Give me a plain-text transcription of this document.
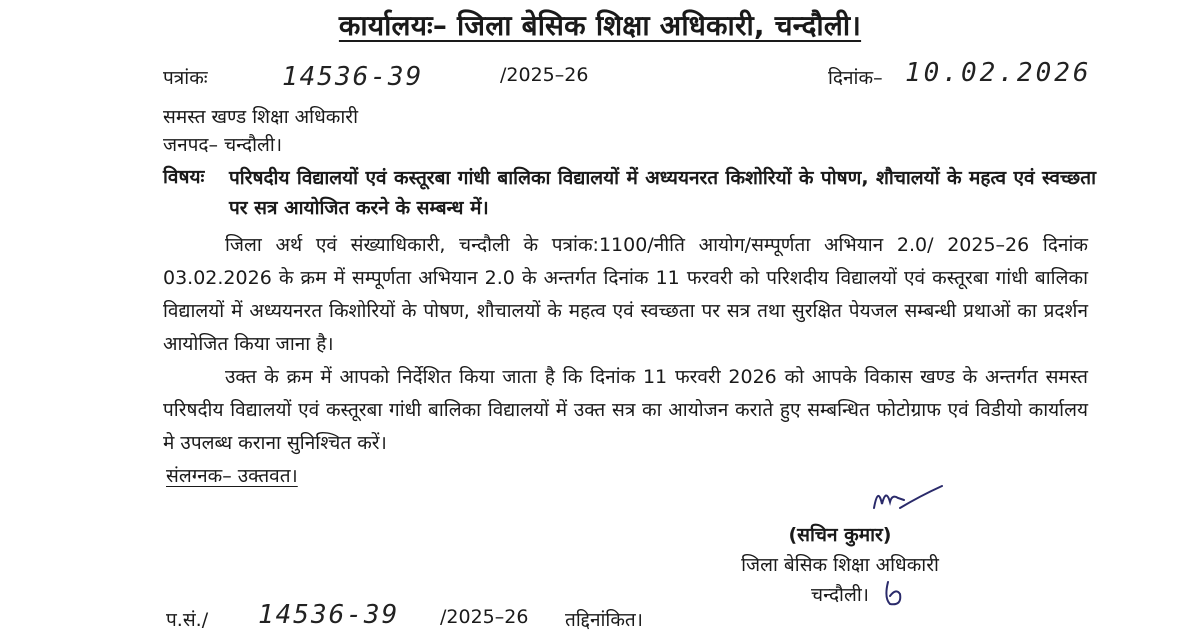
कार्यालयः– जिला बेसिक शिक्षा अधिकारी, चन्दौली।
पत्रांकः	14536-39	/2025–26	दिनांक– 10.02.2026
समस्त खण्ड शिक्षा अधिकारी
जनपद– चन्दौली।
विषयः परिषदीय विद्यालयों एवं कस्तूरबा गांधी बालिका विद्यालयों में अध्ययनरत किशोरियों के पोषण, शौचालयों के महत्व एवं स्वच्छता पर सत्र आयोजित करने के सम्बन्ध में।
जिला अर्थ एवं संख्याधिकारी, चन्दौली के पत्रांक:1100/नीति आयोग/सम्पूर्णता अभियान 2.0/ 2025–26 दिनांक 03.02.2026 के क्रम में सम्पूर्णता अभियान 2.0 के अन्तर्गत दिनांक 11 फरवरी को परिशदीय विद्यालयों एवं कस्तूरबा गांधी बालिका विद्यालयों में अध्ययनरत किशोरियों के पोषण, शौचालयों के महत्व एवं स्वच्छता पर सत्र तथा सुरक्षित पेयजल सम्बन्धी प्रथाओं का प्रदर्शन आयोजित किया जाना है।
उक्त के क्रम में आपको निर्देशित किया जाता है कि दिनांक 11 फरवरी 2026 को आपके विकास खण्ड के अन्तर्गत समस्त परिषदीय विद्यालयों एवं कस्तूरबा गांधी बालिका विद्यालयों में उक्त सत्र का आयोजन कराते हुए सम्बन्धित फोटोग्राफ एवं विडीयो कार्यालय मे उपलब्ध कराना सुनिश्चित करें।
संलग्नक– उक्तवत।
(सचिन कुमार)
जिला बेसिक शिक्षा अधिकारी
चन्दौली।
प.सं./ 14536-39 /2025–26 तद्दिनांकित।
